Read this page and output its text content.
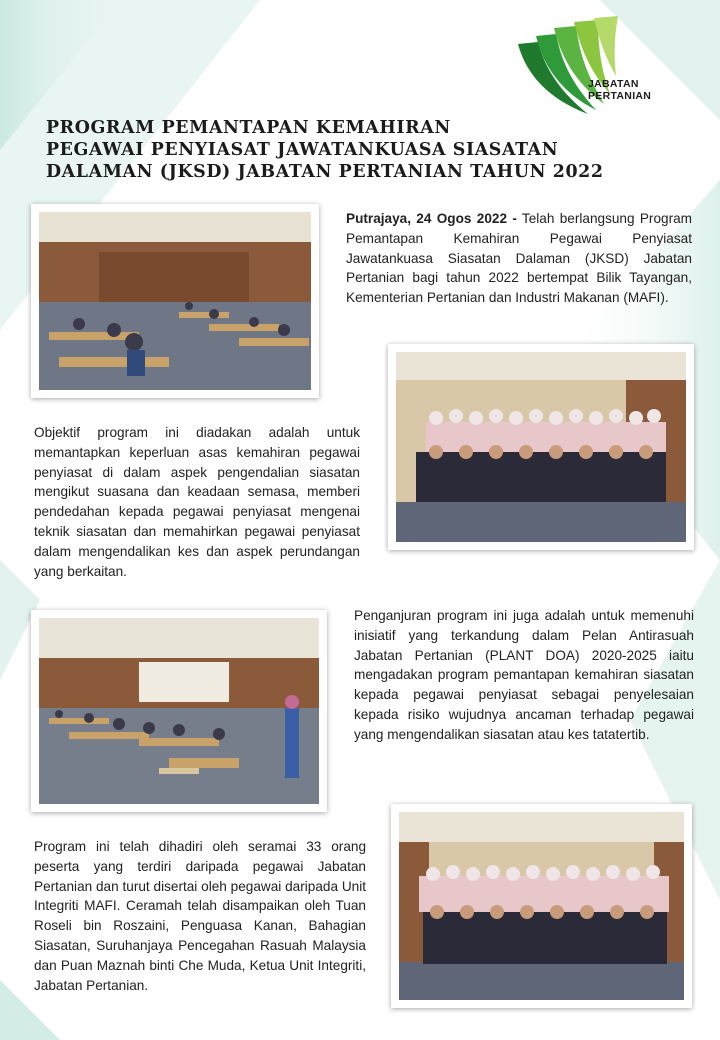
JABATAN
PERTANIAN
PROGRAM PEMANTAPAN KEMAHIRAN
PEGAWAI PENYIASAT JAWATANKUASA SIASATAN
DALAMAN (JKSD) JABATAN PERTANIAN TAHUN 2022

Putrajaya, 24 Ogos 2022 - Telah berlangsung Program Pemantapan Kemahiran Pegawai Penyiasat Jawatankuasa Siasatan Dalaman (JKSD) Jabatan Pertanian bagi tahun 2022 bertempat Bilik Tayangan, Kementerian Pertanian dan Industri Makanan (MAFI).

Objektif program ini diadakan adalah untuk memantapkan keperluan asas kemahiran pegawai penyiasat di dalam aspek pengendalian siasatan mengikut suasana dan keadaan semasa, memberi pendedahan kepada pegawai penyiasat mengenai teknik siasatan dan memahirkan pegawai penyiasat dalam mengendalikan kes dan aspek perundangan yang berkaitan.

Penganjuran program ini juga adalah untuk memenuhi inisiatif yang terkandung dalam Pelan Antirasuah Jabatan Pertanian (PLANT DOA) 2020-2025 iaitu mengadakan program pemantapan kemahiran siasatan kepada pegawai penyiasat sebagai penyelesaian kepada risiko wujudnya ancaman terhadap pegawai yang mengendalikan siasatan atau kes tatatertib.

Program ini telah dihadiri oleh seramai 33 orang peserta yang terdiri daripada pegawai Jabatan Pertanian dan turut disertai oleh pegawai daripada Unit Integriti MAFI. Ceramah telah disampaikan oleh Tuan Roseli bin Roszaini, Penguasa Kanan, Bahagian Siasatan, Suruhanjaya Pencegahan Rasuah Malaysia dan Puan Maznah binti Che Muda, Ketua Unit Integriti, Jabatan Pertanian.
